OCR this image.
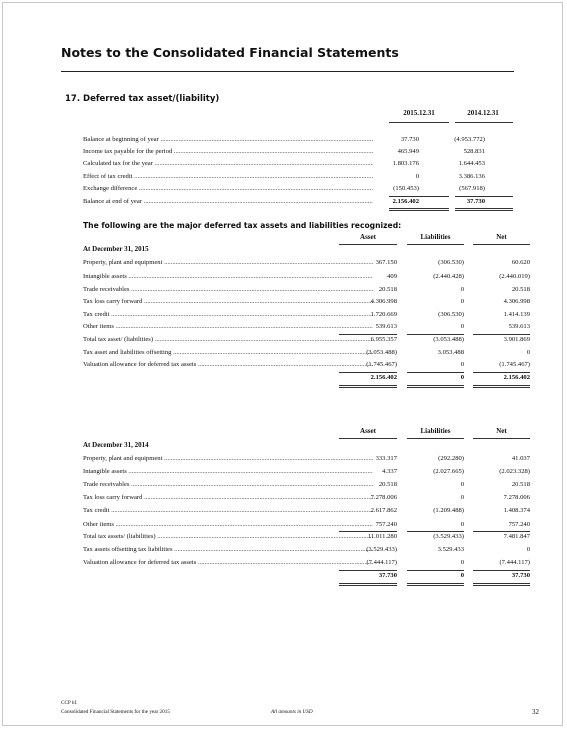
Notes to the Consolidated Financial Statements
17. Deferred tax asset/(liability)
2015.12.31	2014.12.31
Balance at beginning of year .....	37.730	(4.953.772)
Income tax payable for the period .....	465.949	528.831
Calculated tax for the year .....	1.803.176	1.644.453
Effect of tax credit .....	0	3.386.136
Exchange difference .....	(150.453)	(567.918)
Balance at end of year .....	2.156.402	37.730
The following are the major deferred tax assets and liabilities recognized:
Asset	Liabilities	Net
At December 31, 2015
Property, plant and equipment .....	367.150	(306.530)	60.620
Intangible assets .....	409	(2.440.428)	(2.440.019)
Trade receivables .....	20.518	0	20.518
Tax loss carry forward .....	4.306.998	0	4.306.998
Tax credit .....	1.720.669	(306.530)	1.414.139
Other items .....	539.613	0	539.613
Total tax asset/ (liabilities) .....	6.955.357	(3.053.488)	3.901.869
Tax asset and liabilities offsetting .....	(3.053.488)	3.053.488	0
Valuation allowance for deferred tax assets .....	(1.745.467)	0	(1.745.467)
2.156.402	0	2.156.402
Asset	Liabilities	Net
At December 31, 2014
Property, plant and equipment .....	333.317	(292.280)	41.037
Intangible assets .....	4.337	(2.027.665)	(2.023.328)
Trade receivables .....	20.518	0	20.518
Tax loss carry forward .....	7.278.006	0	7.278.006
Tax credit .....	2.617.862	(1.209.488)	1.408.374
Other items .....	757.240	0	757.240
Total tax assets/ (liabilities) .....	11.011.280	(3.529.433)	7.481.847
Tax assets offsetting tax liabilities .....	(3.529.433)	3.529.433	0
Valuation allowance for deferred tax assets .....	(7.444.117)	0	(7.444.117)
37.730	0	37.730
CCP hf.
Consolidated Financial Statements for the year 2015	All amounts in USD	32
